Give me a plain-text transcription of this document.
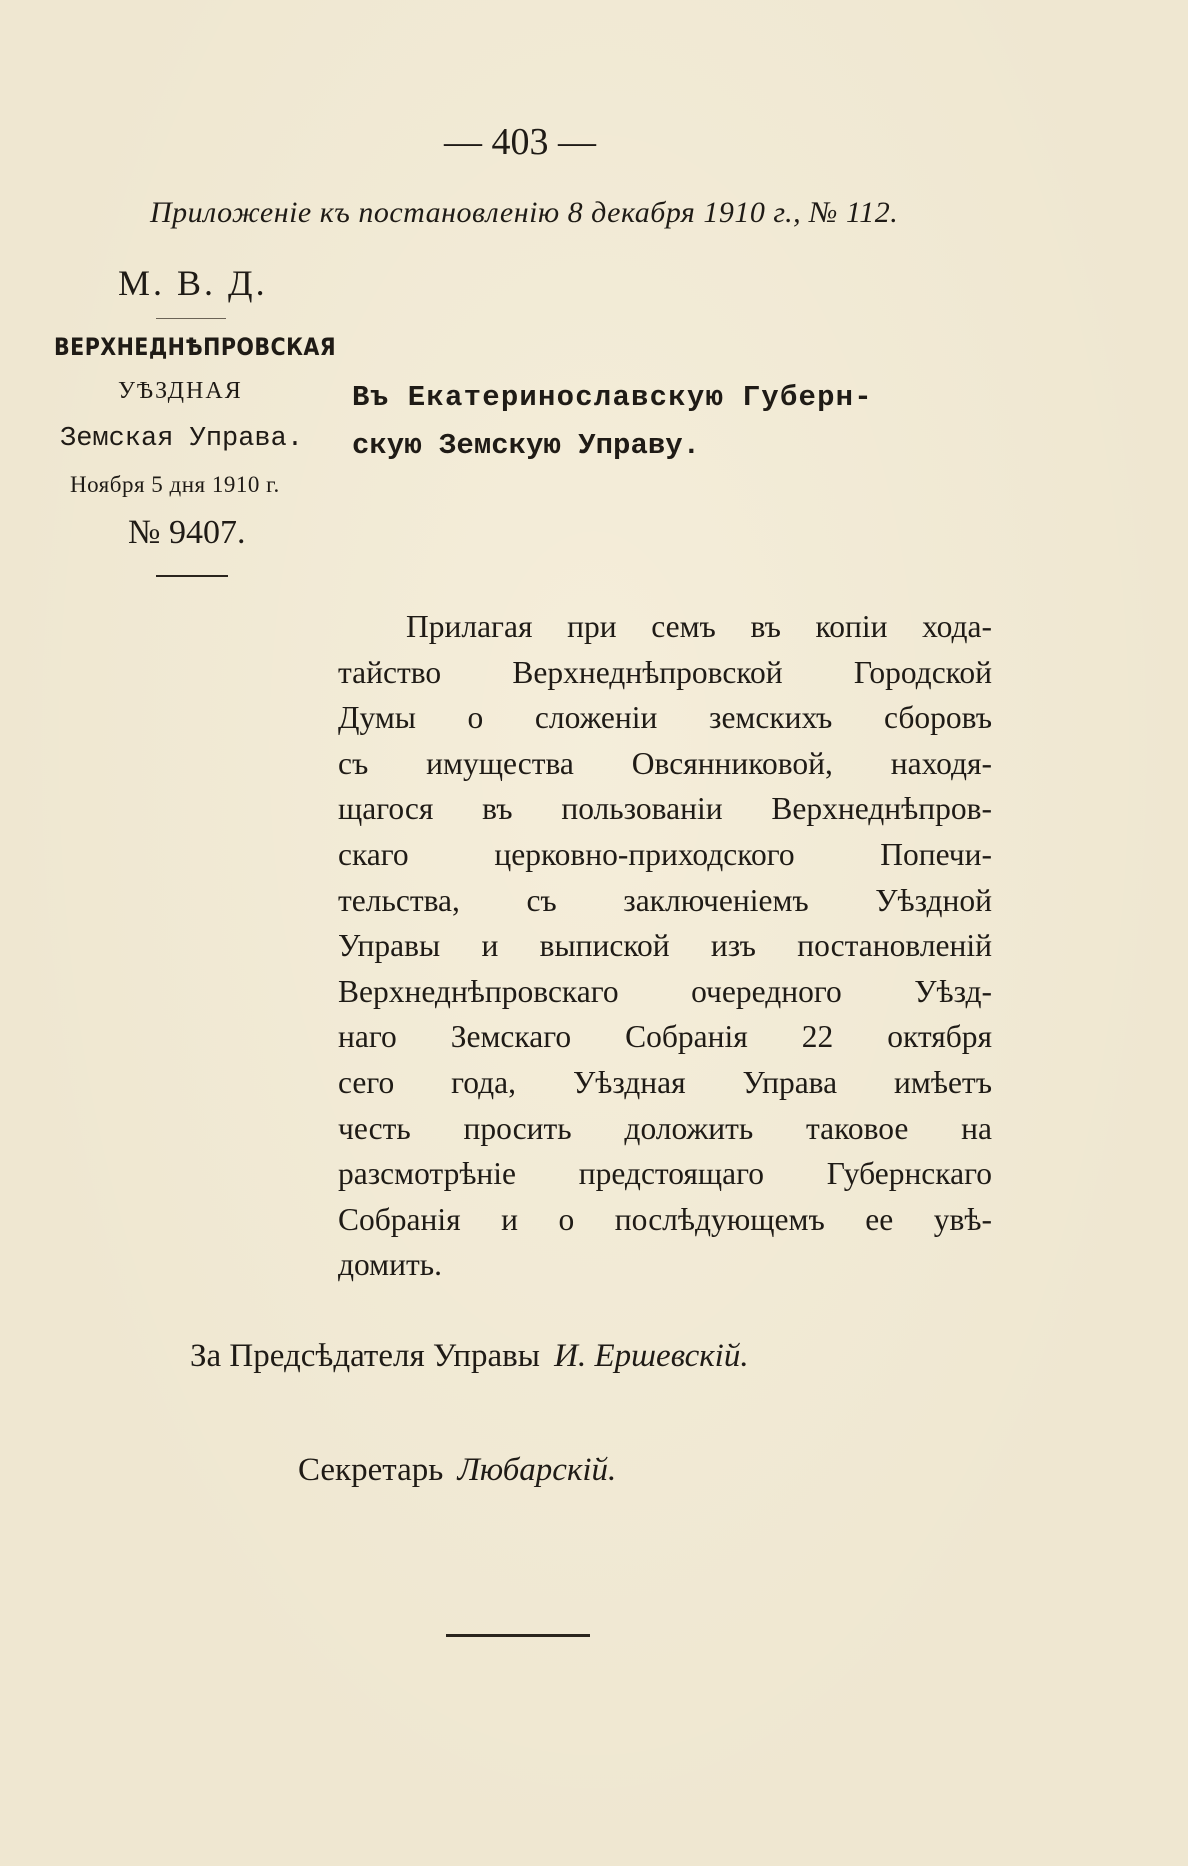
— 403 —
Приложенiе къ постановленiю 8 декабря 1910 г., № 112.
М. В. Д.
ВЕРХНЕДНѢПРОВСКАЯ
УѢЗДНАЯ
Земская Управа.
Ноября 5 дня 1910 г.
№ 9407.
Въ Екатеринославскую Губерн-
скую Земскую Управу.
Прилагая при семъ въ копiи хода-
тайство Верхнеднѣпровской Городской
Думы о сложенiи земскихъ сборовъ
съ имущества Овсянниковой, находя-
щагося въ пользованiи Верхнеднѣпров-
скаго церковно-приходского Попечи-
тельства, съ заключенiемъ Уѣздной
Управы и выпиской изъ постановленiй
Верхнеднѣпровскаго очередного Уѣзд-
наго Земскаго Собранiя 22 октября
сего года, Уѣздная Управа имѣетъ
честь просить доложить таковое на
разсмотрѣнiе предстоящаго Губернскаго
Собранiя и о послѣдующемъ ее увѣ-
домить.
За Предсѣдателя Управы И. Ершевскiй.
Секретарь Любарскiй.
